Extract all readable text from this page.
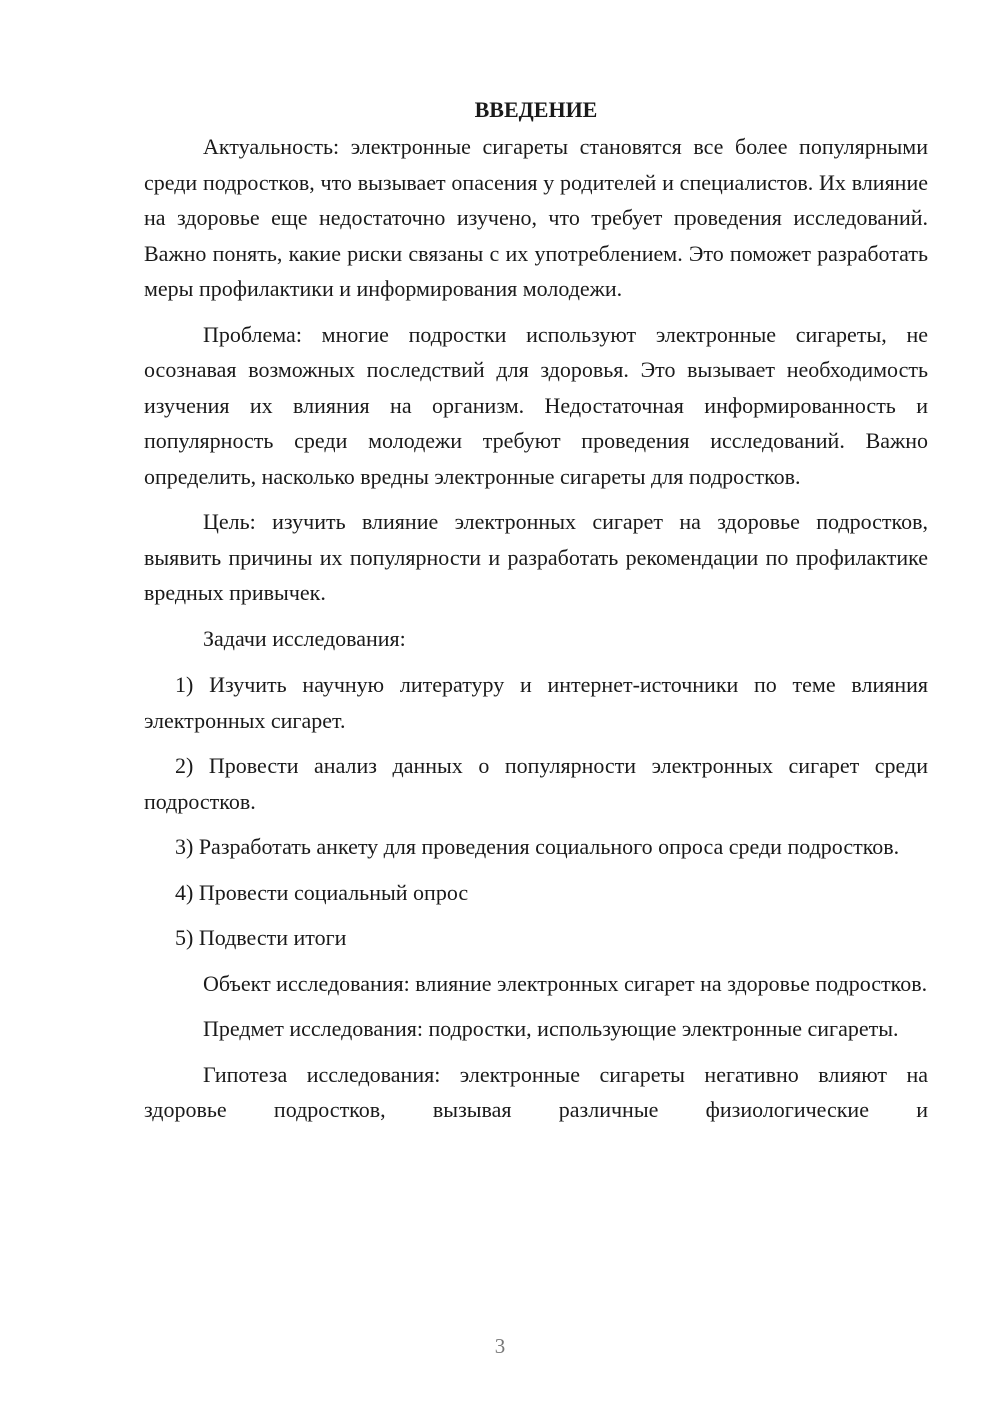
ВВЕДЕНИЕ

Актуальность: электронные сигареты становятся все более популярными среди подростков, что вызывает опасения у родителей и специалистов. Их влияние на здоровье еще недостаточно изучено, что требует проведения исследований. Важно понять, какие риски связаны с их употреблением. Это поможет разработать меры профилактики и информирования молодежи.

Проблема: многие подростки используют электронные сигареты, не осознавая возможных последствий для здоровья. Это вызывает необходимость изучения их влияния на организм. Недостаточная информированность и популярность среди молодежи требуют проведения исследований. Важно определить, насколько вредны электронные сигареты для подростков.

Цель: изучить влияние электронных сигарет на здоровье подростков, выявить причины их популярности и разработать рекомендации по профилактике вредных привычек.

Задачи исследования:

1) Изучить научную литературу и интернет-источники по теме влияния электронных сигарет.

2) Провести анализ данных о популярности электронных сигарет среди подростков.

3) Разработать анкету для проведения социального опроса среди подростков.

4) Провести социальный опрос

5) Подвести итоги

Объект исследования: влияние электронных сигарет на здоровье подростков.

Предмет исследования: подростки, использующие электронные сигареты.

Гипотеза исследования: электронные сигареты негативно влияют на здоровье подростков, вызывая различные физиологические и

3
